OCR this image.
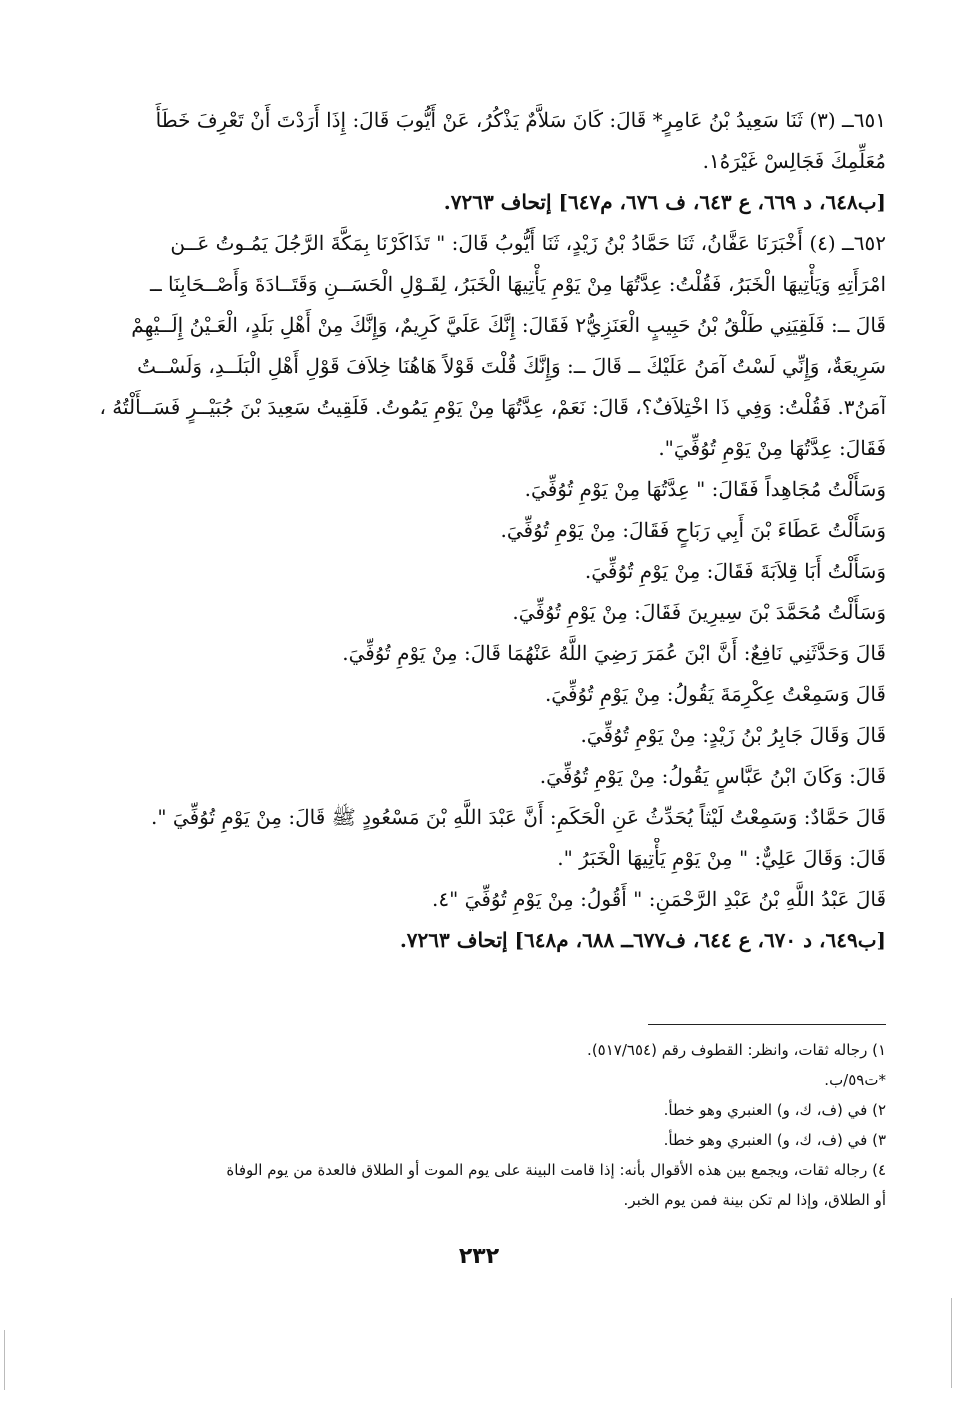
٦٥١ــ (٣) ثَنَا سَعِيدُ بْنُ عَامِرٍ* قَالَ: كَانَ سَلاَّمٌ يَذْكُرُ، عَنْ أَيُّوبَ قَالَ: إِذَا أَرَدْتَ أَنْ تَعْرِفَ خَطَأَ
مُعَلِّمِكَ فَجَالِسْ غَيْرَهُ١.
[ب٦٤٨، د ٦٦٩، ع ٦٤٣، ف ٦٧٦، م٦٤٧] إتحاف ٧٢٦٣.
٦٥٢ــ (٤) أَخْبَرَنَا عَفَّانُ، ثَنَا حَمَّادُ بْنُ زَيْدٍ، ثَنَا أَيُّوبُ قَالَ: " تَذَاكَرْنَا بِمَكَّةَ الرَّجُلَ يَمُـوتُ عَــن
امْرَأَتِهِ وَيَأْتِيهَا الْخَبَرُ، فَقُلْتُ: عِدَّتُهَا مِنْ يَوْمِ يَأْتِيهَا الْخَبَرُ، لِقَـوْلِ الْحَسَــنِ وَقَتَــادَةَ وَأَصْــحَابِنَا ــ
قَالَ ــ: فَلَقِيَنِي طَلْقُ بْنُ حَبِيبٍ الْعَنَزِيُّ٢ فَقَالَ: إِنَّكَ عَلَيَّ كَرِيمٌ، وَإِنَّكَ مِنْ أَهْلِ بَلَدٍ، الْعَـيْنُ إِلَــيْهِمْ
سَرِيعَةٌ، وَإِنِّي لَسْتُ آمَنُ عَلَيْكَ ــ قَالَ ــ: وَإِنَّكَ قُلْتَ قَوْلاً هَاهُنَا خِلاَفَ قَوْلِ أَهْلِ الْبَلَــدِ، وَلَسْــتُ
آمَنُ٣. فَقُلْتُ: وَفِي ذَا اخْتِلاَفٌ؟، قَالَ: نَعَمْ، عِدَّتُهَا مِنْ يَوْمِ يَمُوتُ. فَلَقِيتُ سَعِيدَ بْنَ جُبَيْــرٍ فَسَــأَلْتُهُ ،
فَقَالَ: عِدَّتُهَا مِنْ يَوْمِ تُوُفِّيَ".
وَسَأَلْتُ مُجَاهِداً فَقَالَ: " عِدَّتُهَا مِنْ يَوْمِ تُوُفِّيَ.
وَسَأَلْتُ عَطَاءَ بْنَ أَبِي رَبَاحٍ فَقَالَ: مِنْ يَوْمِ تُوُفِّيَ.
وَسَأَلْتُ أَبَا قِلاَبَةَ فَقَالَ: مِنْ يَوْمِ تُوُفِّيَ.
وَسَأَلْتُ مُحَمَّدَ بْنَ سِيرِينَ فَقَالَ: مِنْ يَوْمِ تُوُفِّيَ.
قَالَ وَحَدَّثَنِي نَافِعٌ: أَنَّ ابْنَ عُمَرَ رَضِيَ اللَّهُ عَنْهُمَا قَالَ: مِنْ يَوْمِ تُوُفِّيَ.
قَالَ وَسَمِعْتُ عِكْرِمَةَ يَقُولُ: مِنْ يَوْمِ تُوُفِّيَ.
قَالَ وَقَالَ جَابِرُ بْنُ زَيْدٍ: مِنْ يَوْمِ تُوُفِّيَ.
قَالَ: وَكَانَ ابْنُ عَبَّاسٍ يَقُولُ: مِنْ يَوْمِ تُوُفِّيَ.
قَالَ حَمَّادٌ: وَسَمِعْتُ لَيْثاً يُحَدِّثُ عَنِ الْحَكَمِ: أَنَّ عَبْدَ اللَّهِ بْنَ مَسْعُودٍ ﷺ قَالَ: مِنْ يَوْمِ تُوُفِّيَ ".
قَالَ: وَقَالَ عَلِيٌّ: " مِنْ يَوْمِ يَأْتِيهَا الْخَبَرُ ".
قَالَ عَبْدُ اللَّهِ بْنُ عَبْدِ الرَّحْمَنِ: " أَقُولُ: مِنْ يَوْمِ تُوُفِّيَ "٤.
[ب٦٤٩، د ٦٧٠، ع ٦٤٤، ف٦٧٧ــ ٦٨٨، م٦٤٨] إتحاف ٧٢٦٣.
١) رجاله ثقات، وانظر: القطوف رقم (٥١٧/٦٥٤).
*ت٥٩/ب.
٢) في (ف، ك، و) العنبري وهو خطأ.
٣) في (ف، ك، و) العنبري وهو خطأ.
٤) رجاله ثقات، ويجمع بين هذه الأقوال بأنه: إذا قامت البينة على يوم الموت أو الطلاق فالعدة من يوم الوفاة
أو الطلاق، وإذا لم تكن بينة فمن يوم الخبر.
٢٣٢
